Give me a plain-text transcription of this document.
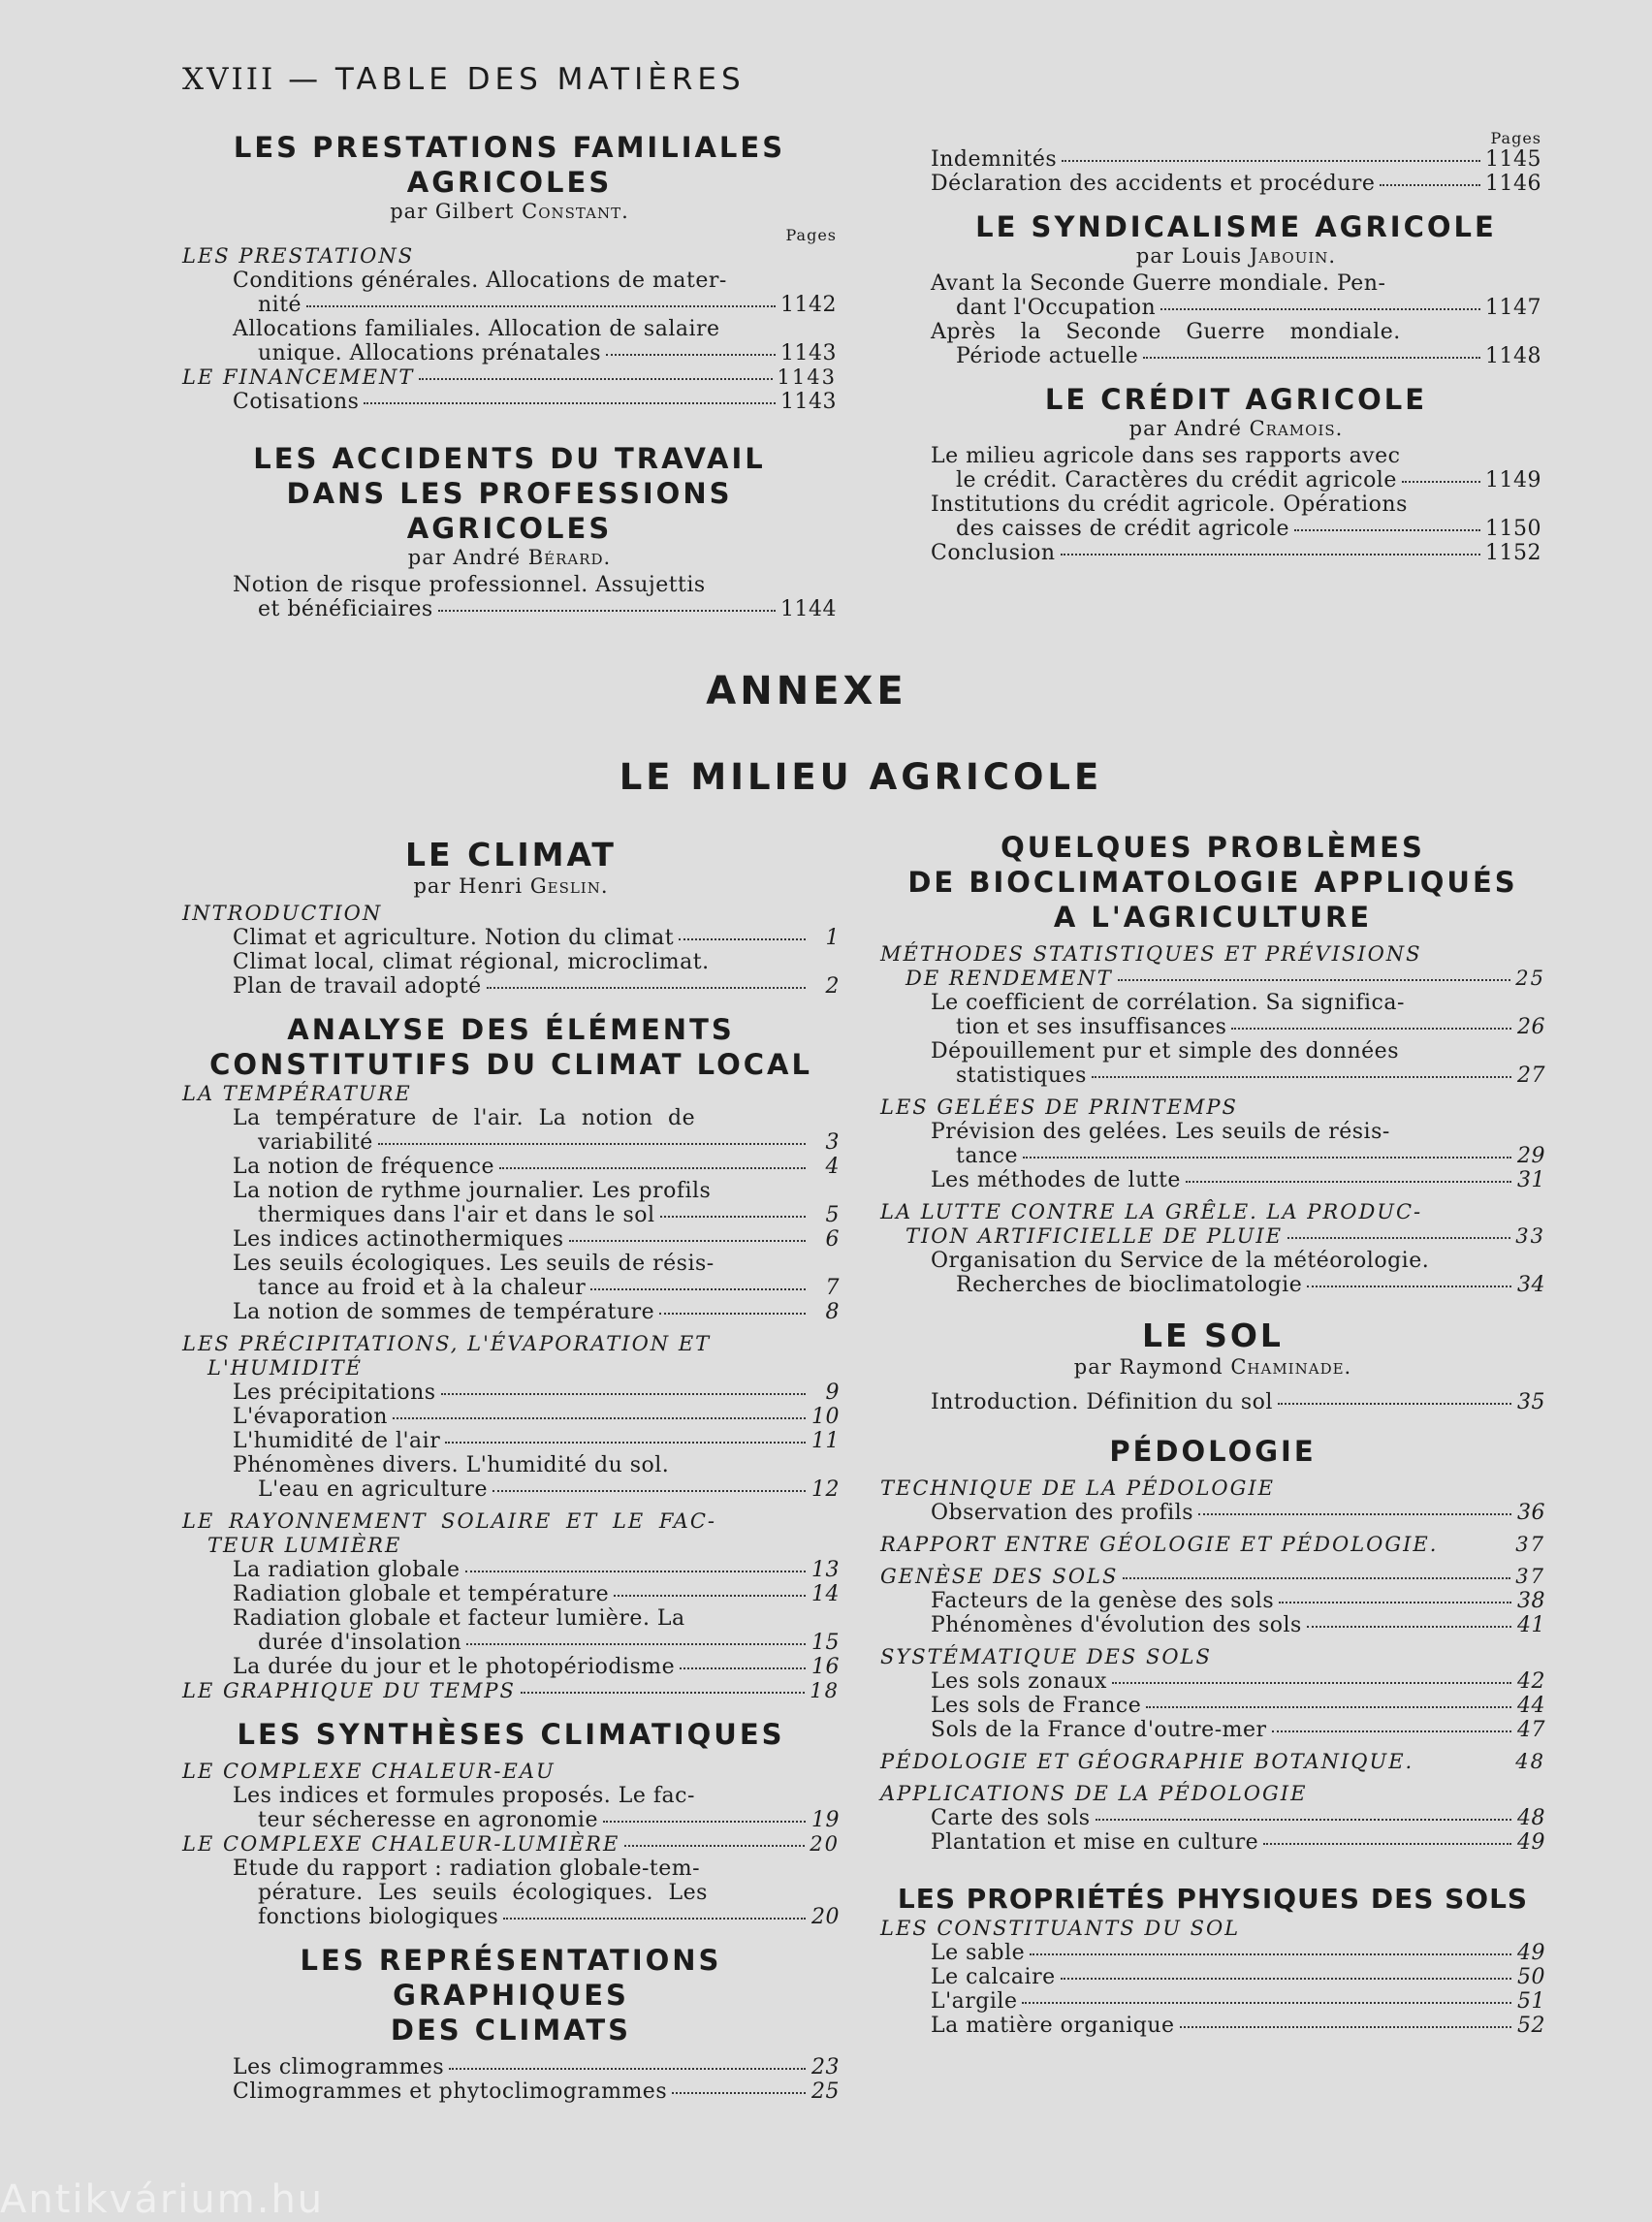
XVIII — TABLE DES MATIÈRES

LES PRESTATIONS FAMILIALES

AGRICOLES

par Gilbert Constant.

Pages

LES PRESTATIONS

Conditions générales. Allocations de mater-
nité	1142
Allocations familiales. Allocation de salaire
unique. Allocations prénatales	1143
LE FINANCEMENT	1143
Cotisations	1143

LES ACCIDENTS DU TRAVAIL

DANS LES PROFESSIONS AGRICOLES

par André Bérard.

Notion de risque professionnel. Assujettis
et bénéficiaires	1144

Pages

Indemnités	1145
Déclaration des accidents et procédure	1146

LE SYNDICALISME AGRICOLE

par Louis Jabouin.

Avant la Seconde Guerre mondiale. Pen-
dant l'Occupation	1147
Après la Seconde Guerre mondiale.
Période actuelle	1148

LE CRÉDIT AGRICOLE

par André Cramois.

Le milieu agricole dans ses rapports avec
le crédit. Caractères du crédit agricole	1149
Institutions du crédit agricole. Opérations
des caisses de crédit agricole	1150
Conclusion	1152
ANNEXE
LE MILIEU AGRICOLE

LE CLIMAT

par Henri Geslin.

INTRODUCTION

Climat et agriculture. Notion du climat	1
Climat local, climat régional, microclimat.
Plan de travail adopté	2

ANALYSE DES ÉLÉMENTS

CONSTITUTIFS DU CLIMAT LOCAL

LA TEMPÉRATURE

La température de l'air. La notion de
variabilité	3
La notion de fréquence	4
La notion de rythme journalier. Les profils
thermiques dans l'air et dans le sol	5
Les indices actinothermiques	6
Les seuils écologiques. Les seuils de résis-
tance au froid et à la chaleur	7
La notion de sommes de température	8

LES PRÉCIPITATIONS, L'ÉVAPORATION ET

L'HUMIDITÉ

Les précipitations	9
L'évaporation	10
L'humidité de l'air	11
Phénomènes divers. L'humidité du sol.
L'eau en agriculture	12

LE RAYONNEMENT SOLAIRE ET LE FAC-

TEUR LUMIÈRE

La radiation globale	13
Radiation globale et température	14
Radiation globale et facteur lumière. La
durée d'insolation	15
La durée du jour et le photopériodisme	16
LE GRAPHIQUE DU TEMPS	18

LES SYNTHÈSES CLIMATIQUES

LE COMPLEXE CHALEUR-EAU

Les indices et formules proposés. Le fac-
teur sécheresse en agronomie	19
LE COMPLEXE CHALEUR-LUMIÈRE	20
Etude du rapport : radiation globale-tem-
pérature. Les seuils écologiques. Les
fonctions biologiques	20

LES REPRÉSENTATIONS GRAPHIQUES

DES CLIMATS

Les climogrammes	23
Climogrammes et phytoclimogrammes	25

QUELQUES PROBLÈMES

DE BIOCLIMATOLOGIE APPLIQUÉS

A L'AGRICULTURE

MÉTHODES STATISTIQUES ET PRÉVISIONS

DE RENDEMENT	25
Le coefficient de corrélation. Sa significa-
tion et ses insuffisances	26
Dépouillement pur et simple des données
statistiques	27

LES GELÉES DE PRINTEMPS

Prévision des gelées. Les seuils de résis-
tance	29
Les méthodes de lutte	31

LA LUTTE CONTRE LA GRÊLE. LA PRODUC-

TION ARTIFICIELLE DE PLUIE	33
Organisation du Service de la météorologie.
Recherches de bioclimatologie	34

LE SOL

par Raymond Chaminade.

Introduction. Définition du sol	35

PÉDOLOGIE

TECHNIQUE DE LA PÉDOLOGIE

Observation des profils	36
RAPPORT ENTRE GÉOLOGIE ET PÉDOLOGIE.	37
GENÈSE DES SOLS	37
Facteurs de la genèse des sols	38
Phénomènes d'évolution des sols	41

SYSTÉMATIQUE DES SOLS

Les sols zonaux	42
Les sols de France	44
Sols de la France d'outre-mer	47
PÉDOLOGIE ET GÉOGRAPHIE BOTANIQUE.	48

APPLICATIONS DE LA PÉDOLOGIE

Carte des sols	48
Plantation et mise en culture	49

LES PROPRIÉTÉS PHYSIQUES DES SOLS

LES CONSTITUANTS DU SOL

Le sable	49
Le calcaire	50
L'argile	51
La matière organique	52
Antikvárium.hu
